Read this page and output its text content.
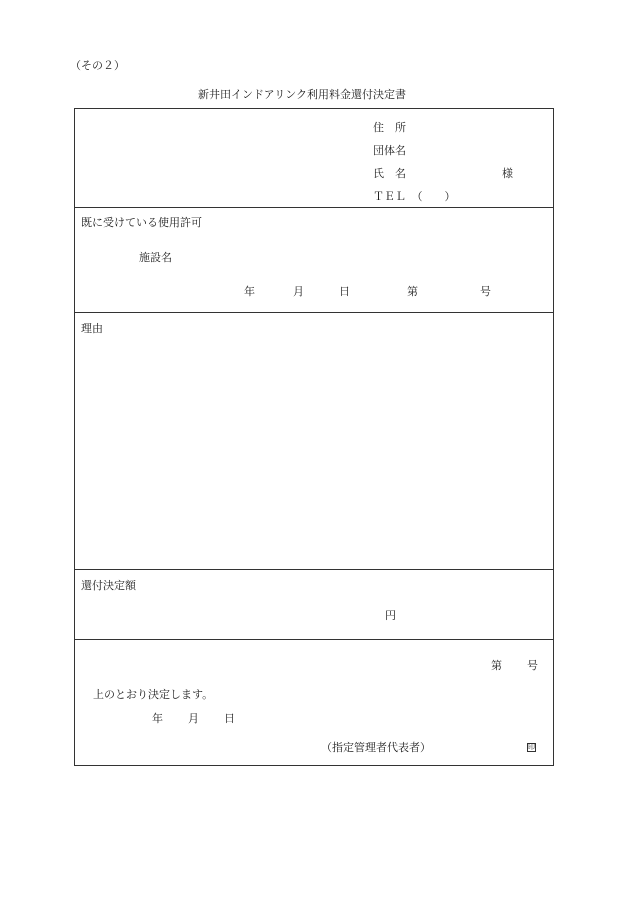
（その２）
新井田インドアリンク利用料金還付決定書
住　所
団体名
氏　名	様
ＴＥＬ　（　　）
既に受けている使用許可
施設名
年	月	日	第	号
理由
還付決定額
円
第 号
上のとおり決定します。
年 月 日
（指定管理者代表者）	印
